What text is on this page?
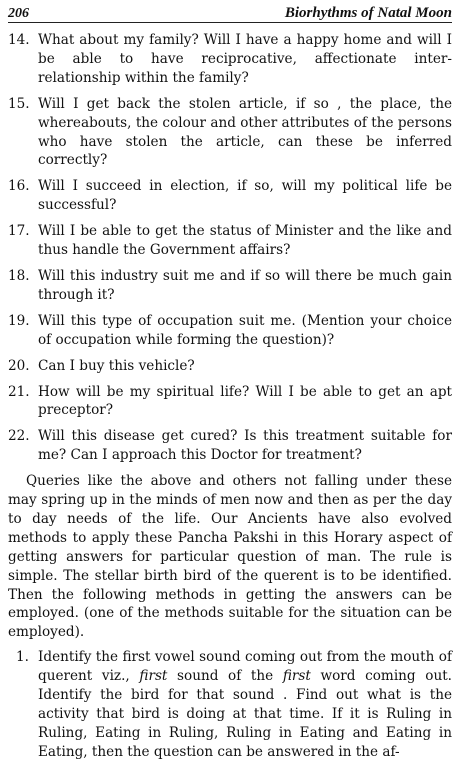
206	Biorhythms of Natal Moon
14. What about my family? Will I have a happy home and will I be able to have reciprocative, affectionate inter-relationship within the family?
15. Will I get back the stolen article, if so , the place, the whereabouts, the colour and other attributes of the persons who have stolen the article, can these be inferred correctly?
16. Will I succeed in election, if so, will my political life be successful?
17. Will I be able to get the status of Minister and the like and thus handle the Government affairs?
18. Will this industry suit me and if so will there be much gain through it?
19. Will this type of occupation suit me. (Mention your choice of occupation while forming the question)?
20. Can I buy this vehicle?
21. How will be my spiritual life? Will I be able to get an apt preceptor?
22. Will this disease get cured? Is this treatment suitable for me? Can I approach this Doctor for treatment?

Queries like the above and others not falling under these may spring up in the minds of men now and then as per the day to day needs of the life. Our Ancients have also evolved methods to apply these Pancha Pakshi in this Horary aspect of getting answers for particular question of man. The rule is simple. The stellar birth bird of the querent is to be identified. Then the following methods in getting the answers can be employed. (one of the methods suitable for the situation can be employed).

1. Identify the first vowel sound coming out from the mouth of querent viz., first sound of the first word coming out. Identify the bird for that sound . Find out what is the activity that bird is doing at that time. If it is Ruling in Ruling, Eating in Ruling, Ruling in Eating and Eating in Eating, then the question can be answered in the af-
